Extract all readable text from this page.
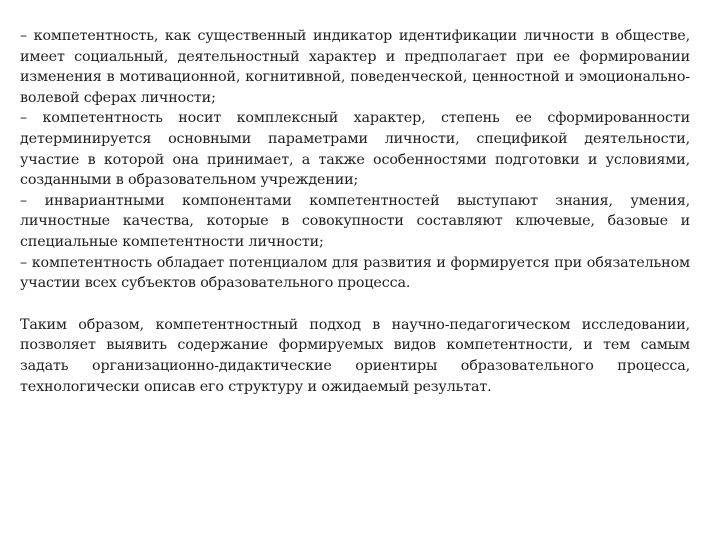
– компетентность, как существенный индикатор идентификации личности в обществе, имеет социальный, деятельностный характер и предполагает при ее формировании изменения в мотивационной, когнитивной, поведенческой, ценностной и эмоционально-волевой сферах личности;

– компетентность носит комплексный характер, степень ее сформированности детерминируется основными параметрами личности, спецификой деятельности, участие в которой она принимает, а также особенностями подготовки и условиями, созданными в образовательном учреждении;

– инвариантными компонентами компетентностей выступают знания, умения, личностные качества, которые в совокупности составляют ключевые, базовые и специальные компетентности личности;

– компетентность обладает потенциалом для развития и формируется при обязательном участии всех субъектов образовательного процесса.

Таким образом, компетентностный подход в научно-педагогическом исследовании, позволяет выявить содержание формируемых видов компетентности, и тем самым задать организационно-дидактические ориентиры образовательного процесса, технологически описав его структуру и ожидаемый результат.
